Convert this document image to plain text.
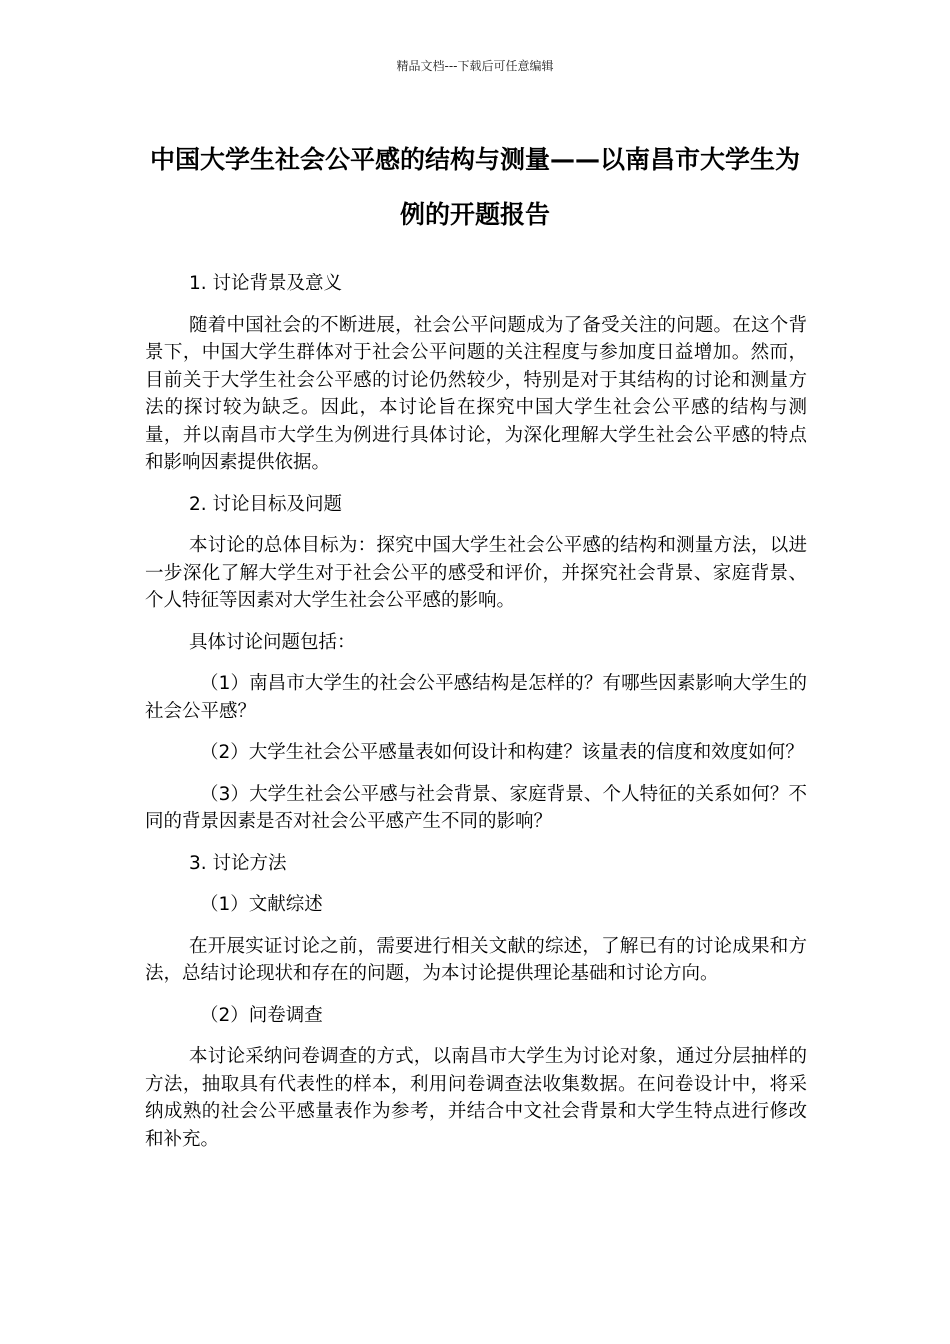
精品文档---下载后可任意编辑
中国大学生社会公平感的结构与测量——以南昌市大学生为例的开题报告

1. 讨论背景及意义

随着中国社会的不断进展，社会公平问题成为了备受关注的问题。在这个背景下，中国大学生群体对于社会公平问题的关注程度与参加度日益增加。然而，目前关于大学生社会公平感的讨论仍然较少，特别是对于其结构的讨论和测量方法的探讨较为缺乏。因此，本讨论旨在探究中国大学生社会公平感的结构与测量，并以南昌市大学生为例进行具体讨论，为深化理解大学生社会公平感的特点和影响因素提供依据。

2. 讨论目标及问题

本讨论的总体目标为：探究中国大学生社会公平感的结构和测量方法，以进一步深化了解大学生对于社会公平的感受和评价，并探究社会背景、家庭背景、个人特征等因素对大学生社会公平感的影响。

具体讨论问题包括：

（1）南昌市大学生的社会公平感结构是怎样的？有哪些因素影响大学生的社会公平感？

（2）大学生社会公平感量表如何设计和构建？该量表的信度和效度如何？

（3）大学生社会公平感与社会背景、家庭背景、个人特征的关系如何？不同的背景因素是否对社会公平感产生不同的影响？

3. 讨论方法

（1）文献综述

在开展实证讨论之前，需要进行相关文献的综述，了解已有的讨论成果和方法，总结讨论现状和存在的问题，为本讨论提供理论基础和讨论方向。

（2）问卷调查

本讨论采纳问卷调查的方式，以南昌市大学生为讨论对象，通过分层抽样的方法，抽取具有代表性的样本，利用问卷调查法收集数据。在问卷设计中，将采纳成熟的社会公平感量表作为参考，并结合中文社会背景和大学生特点进行修改和补充。
